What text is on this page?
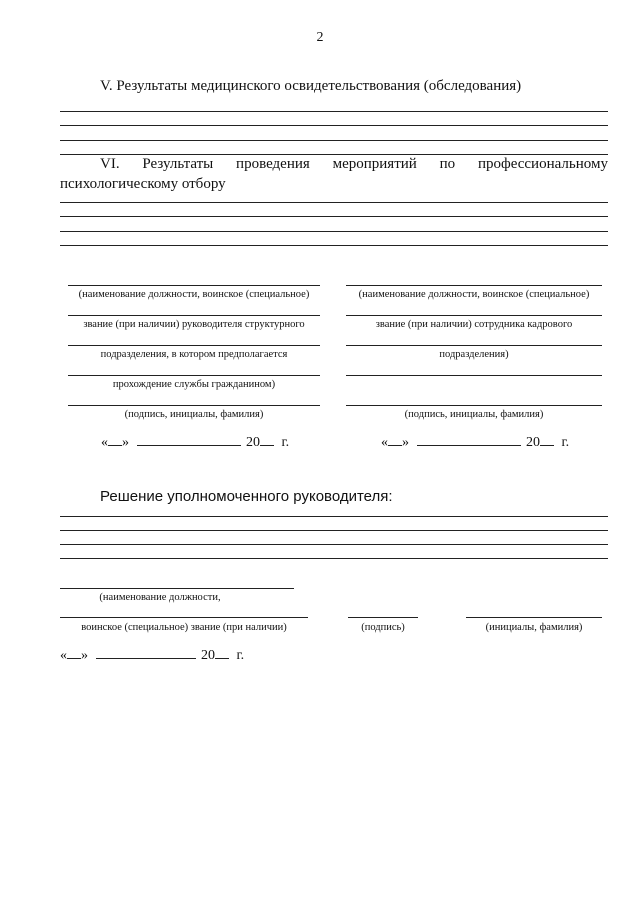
2
V. Результаты медицинского освидетельствования (обследования)
VI. Результаты проведения мероприятий по профессиональному
психологическому отбору
(наименование должности, воинское (специальное)
звание (при наличии) руководителя структурного
подразделения, в котором предполагается
прохождение службы гражданином)
(подпись, инициалы, фамилия)
« »	20 г.
(наименование должности, воинское (специальное)
звание (при наличии) сотрудника кадрового
подразделения)
(подпись, инициалы, фамилия)
« »	20 г.
Решение уполномоченного руководителя:
(наименование должности,
воинское (специальное) звание (при наличии)	(подпись)	(инициалы, фамилия)
« »	20 г.
